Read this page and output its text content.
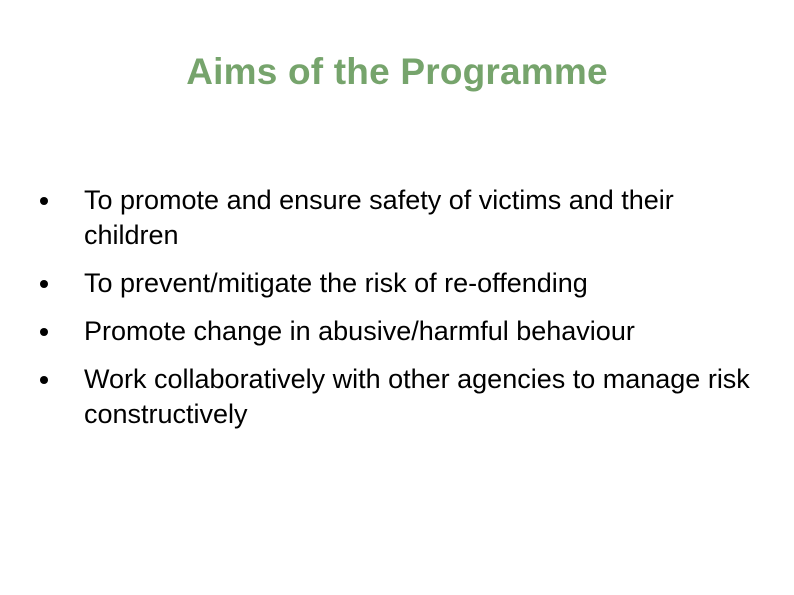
Aims of the Programme
To promote and ensure safety of victims and their children
To prevent/mitigate the risk of re-offending
Promote change in abusive/harmful behaviour
Work collaboratively with other agencies to manage risk constructively
